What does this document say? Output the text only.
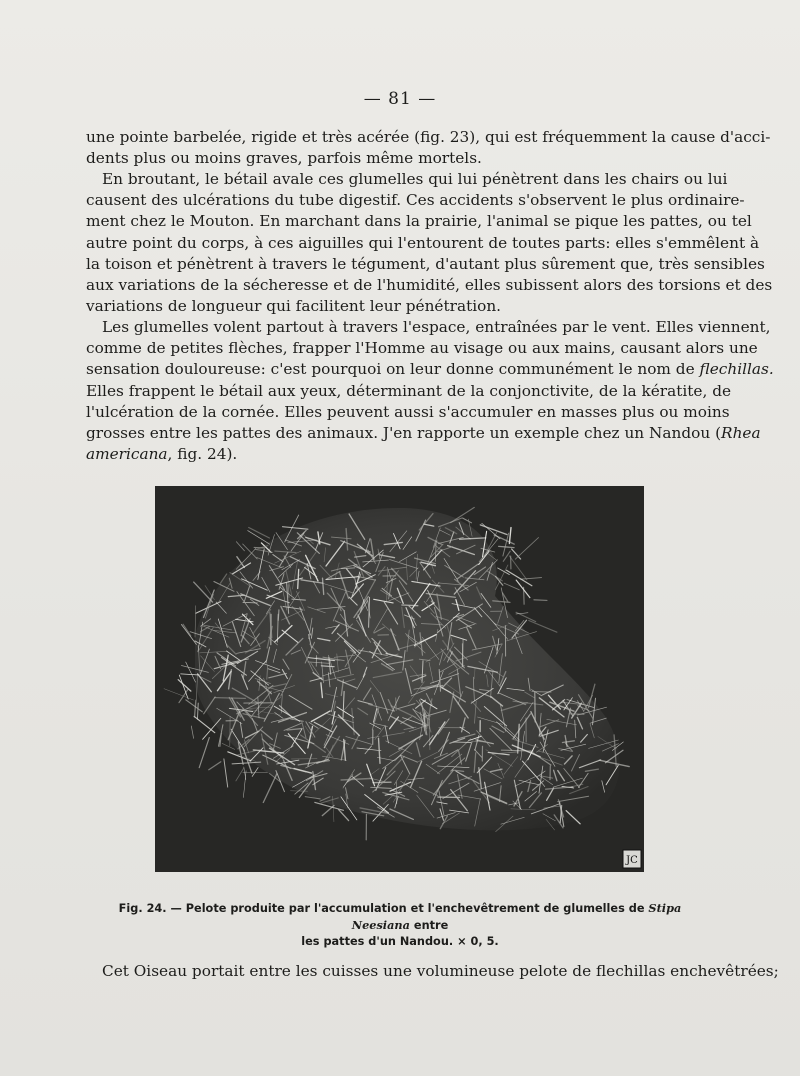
— 81 —
une pointe barbelée, rigide et très acérée (fig. 23), qui est fréquemment la cause d'acci-
dents plus ou moins graves, parfois même mortels.
En broutant, le bétail avale ces glumelles qui lui pénètrent dans les chairs ou lui
causent des ulcérations du tube digestif. Ces accidents s'observent le plus ordinaire-
ment chez le Mouton. En marchant dans la prairie, l'animal se pique les pattes, ou tel
autre point du corps, à ces aiguilles qui l'entourent de toutes parts: elles s'emmêlent à
la toison et pénètrent à travers le tégument, d'autant plus sûrement que, très sensibles
aux variations de la sécheresse et de l'humidité, elles subissent alors des torsions et des
variations de longueur qui facilitent leur pénétration.
Les glumelles volent partout à travers l'espace, entraînées par le vent. Elles viennent,
comme de petites flèches, frapper l'Homme au visage ou aux mains, causant alors une
sensation douloureuse: c'est pourquoi on leur donne communément le nom de flechillas.
Elles frappent le bétail aux yeux, déterminant de la conjonctivite, de la kératite, de
l'ulcération de la cornée. Elles peuvent aussi s'accumuler en masses plus ou moins
grosses entre les pattes des animaux. J'en rapporte un exemple chez un Nandou (Rhea
americana, fig. 24).
JC
Fig. 24. — Pelote produite par l'accumulation et l'enchevêtrement de glumelles de Stipa Neesiana entre
les pattes d'un Nandou. × 0, 5.
Cet Oiseau portait entre les cuisses une volumineuse pelote de flechillas enchevêtrées;
